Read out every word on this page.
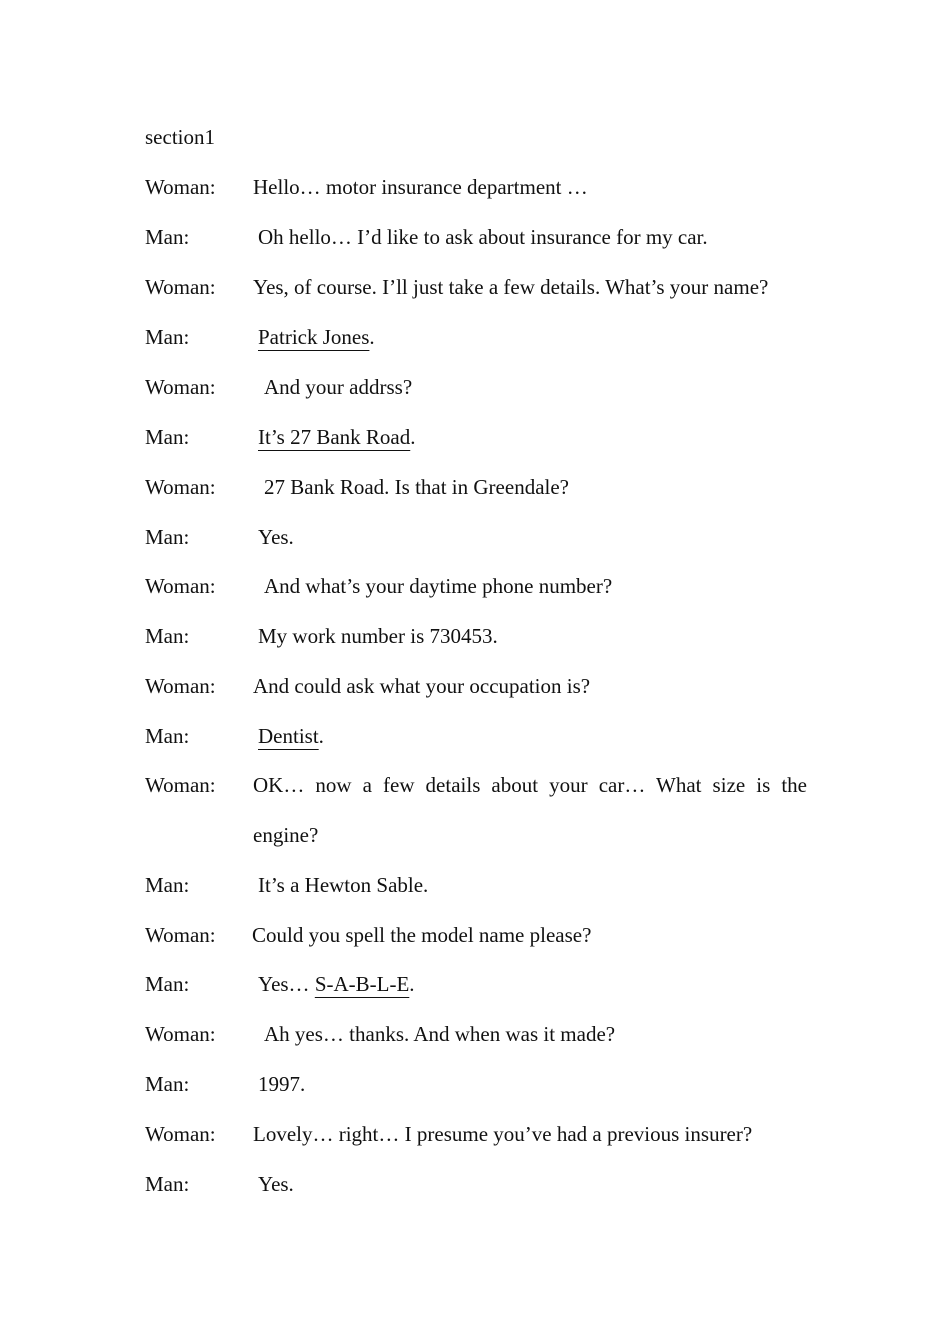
section1
Woman: Hello… motor insurance department …
Man:	Oh hello… I’d like to ask about insurance for my car.
Woman: Yes, of course. I’ll just take a few details. What’s your name?
Man:	Patrick Jones.
Woman: And your addrss?
Man:	It’s 27 Bank Road.
Woman: 27 Bank Road. Is that in Greendale?
Man:	Yes.
Woman: And what’s your daytime phone number?
Man:	My work number is 730453.
Woman: And could ask what your occupation is?
Man:	Dentist.
Woman: OK… now a few details about your car… What size is the engine?
Man:	It’s a Hewton Sable.
Woman: Could you spell the model name please?
Man:	Yes… S-A-B-L-E.
Woman: Ah yes… thanks. And when was it made?
Man:	1997.
Woman: Lovely… right… I presume you’ve had a previous insurer?
Man:	Yes.
